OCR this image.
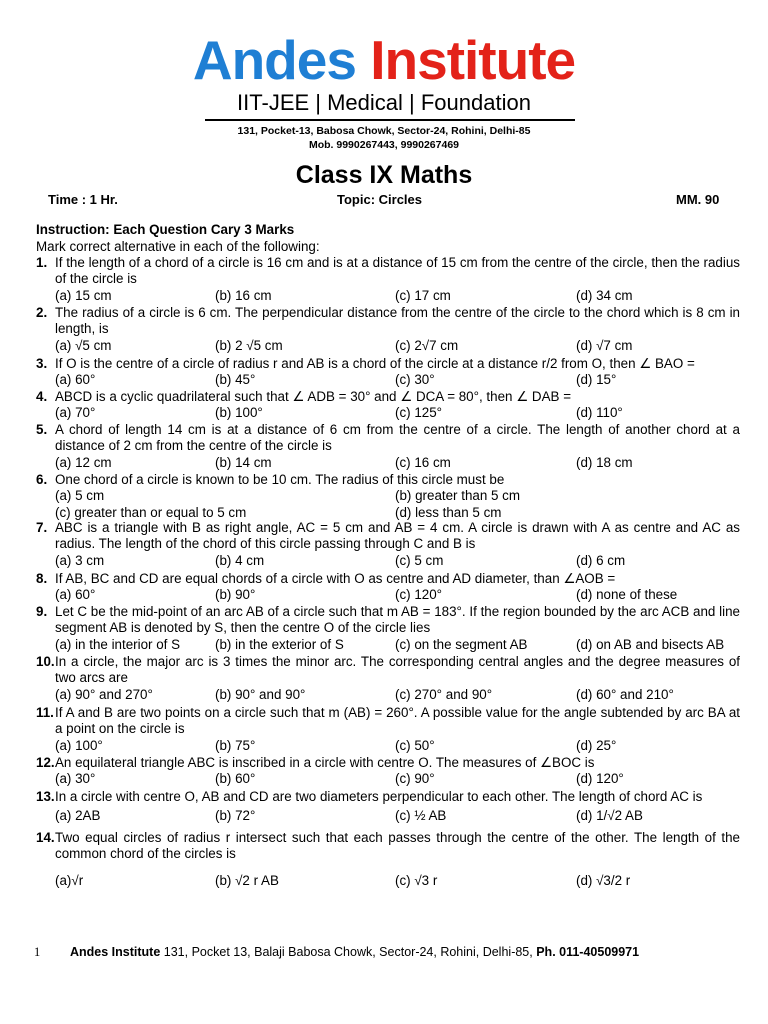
Andes Institute
IIT-JEE | Medical | Foundation
131, Pocket-13, Babosa Chowk, Sector-24, Rohini, Delhi-85
Mob. 9990267443, 9990267469
Class IX Maths
Time : 1 Hr.	Topic: Circles	MM. 90
Instruction: Each Question Cary 3 Marks
Mark correct alternative in each of the following:
1. If the length of a chord of a circle is 16 cm and is at a distance of 15 cm from the centre of the circle, then the radius of the circle is
(a) 15 cm	(b) 16 cm	(c) 17 cm	(d) 34 cm
2. The radius of a circle is 6 cm. The perpendicular distance from the centre of the circle to the chord which is 8 cm in length, is
(a) √5 cm	(b) 2 √5 cm	(c) 2√7 cm	(d) √7 cm
3. If O is the centre of a circle of radius r and AB is a chord of the circle at a distance r/2 from O, then ∠ BAO =
(a) 60°	(b) 45°	(c) 30°	(d) 15°
4. ABCD is a cyclic quadrilateral such that ∠ ADB = 30° and ∠ DCA = 80°, then ∠ DAB =
(a) 70°	(b) 100°	(c) 125°	(d) 110°
5. A chord of length 14 cm is at a distance of 6 cm from the centre of a circle. The length of another chord at a distance of 2 cm from the centre of the circle is
(a) 12 cm	(b) 14 cm	(c) 16 cm	(d) 18 cm
6. One chord of a circle is known to be 10 cm. The radius of this circle must be
(a) 5 cm	(b) greater than 5 cm
(c) greater than or equal to 5 cm	(d) less than 5 cm
7. ABC is a triangle with B as right angle, AC = 5 cm and AB = 4 cm. A circle is drawn with A as centre and AC as radius. The length of the chord of this circle passing through C and B is
(a) 3 cm	(b) 4 cm	(c) 5 cm	(d) 6 cm
8. If AB, BC and CD are equal chords of a circle with O as centre and AD diameter, than ∠AOB =
(a) 60°	(b) 90°	(c) 120°	(d) none of these
9. Let C be the mid-point of an arc AB of a circle such that m AB = 183°. If the region bounded by the arc ACB and line segment AB is denoted by S, then the centre O of the circle lies
(a) in the interior of S	(b) in the exterior of S	(c) on the segment AB	(d) on AB and bisects AB
10. In a circle, the major arc is 3 times the minor arc. The corresponding central angles and the degree measures of two arcs are
(a) 90° and 270°	(b) 90° and 90°	(c) 270° and 90°	(d) 60° and 210°
11. If A and B are two points on a circle such that m (AB) = 260°. A possible value for the angle subtended by arc BA at a point on the circle is
(a) 100°	(b) 75°	(c) 50°	(d) 25°
12. An equilateral triangle ABC is inscribed in a circle with centre O. The measures of ∠BOC is
(a) 30°	(b) 60°	(c) 90°	(d) 120°
13. In a circle with centre O, AB and CD are two diameters perpendicular to each other. The length of chord AC is
(a) 2AB	(b) 72°	(c) ½ AB	(d) 1/√2 AB
14. Two equal circles of radius r intersect such that each passes through the centre of the other. The length of the common chord of the circles is
(a)√r	(b) √2 r AB	(c) √3 r	(d) √3/2 r
1 Andes Institute 131, Pocket 13, Balaji Babosa Chowk, Sector-24, Rohini, Delhi-85, Ph. 011-40509971
